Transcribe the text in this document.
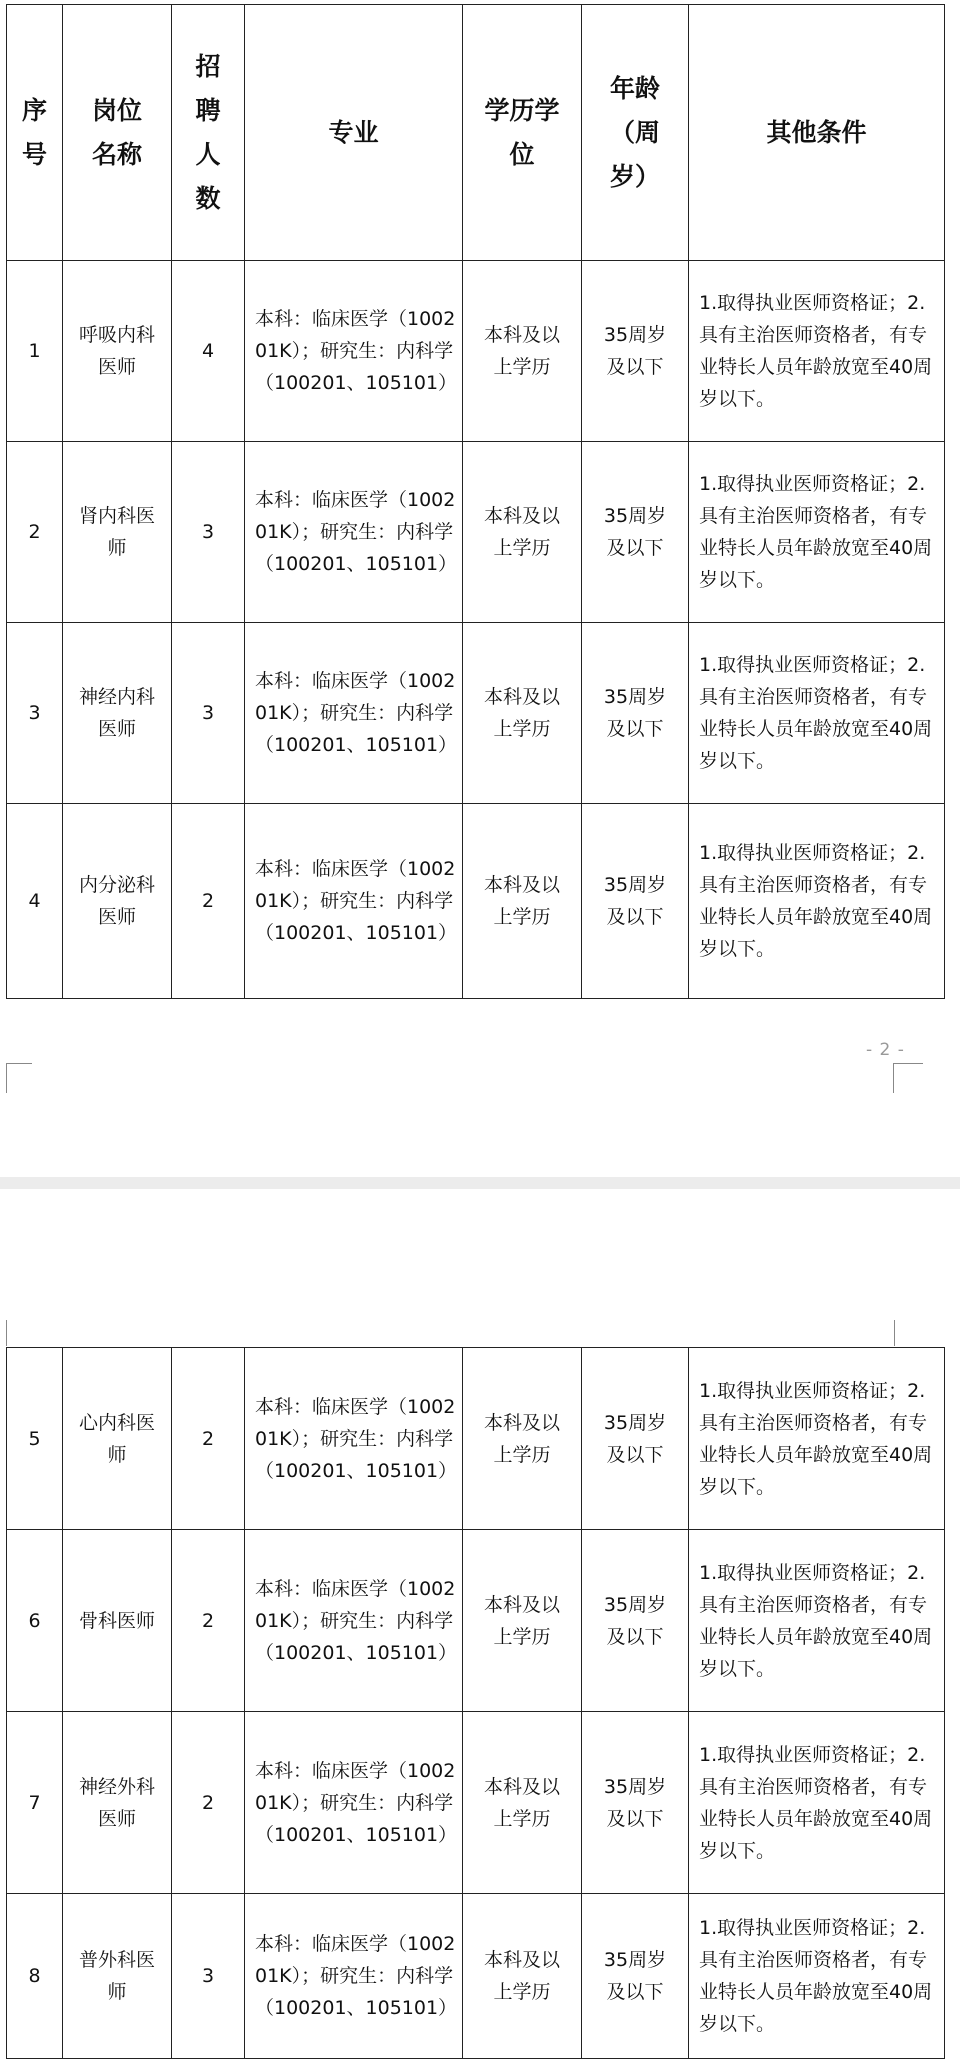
序号	岗位名称	招聘人数	专业	学历学位	年龄（周岁）	其他条件
1	呼吸内科医师	4	本科：临床医学（100201K）；研究生：内科学（100201、105101）	本科及以上学历	35周岁及以下	1.取得执业医师资格证；2.具有主治医师资格者，有专业特长人员年龄放宽至40周岁以下。
2	肾内科医师	3	本科：临床医学（100201K）；研究生：内科学（100201、105101）	本科及以上学历	35周岁及以下	1.取得执业医师资格证；2.具有主治医师资格者，有专业特长人员年龄放宽至40周岁以下。
3	神经内科医师	3	本科：临床医学（100201K）；研究生：内科学（100201、105101）	本科及以上学历	35周岁及以下	1.取得执业医师资格证；2.具有主治医师资格者，有专业特长人员年龄放宽至40周岁以下。
4	内分泌科医师	2	本科：临床医学（100201K）；研究生：内科学（100201、105101）	本科及以上学历	35周岁及以下	1.取得执业医师资格证；2.具有主治医师资格者，有专业特长人员年龄放宽至40周岁以下。
- 2 -
5	心内科医师	2	本科：临床医学（100201K）；研究生：内科学（100201、105101）	本科及以上学历	35周岁及以下	1.取得执业医师资格证；2.具有主治医师资格者，有专业特长人员年龄放宽至40周岁以下。
6	骨科医师	2	本科：临床医学（100201K）；研究生：内科学（100201、105101）	本科及以上学历	35周岁及以下	1.取得执业医师资格证；2.具有主治医师资格者，有专业特长人员年龄放宽至40周岁以下。
7	神经外科医师	2	本科：临床医学（100201K）；研究生：内科学（100201、105101）	本科及以上学历	35周岁及以下	1.取得执业医师资格证；2.具有主治医师资格者，有专业特长人员年龄放宽至40周岁以下。
8	普外科医师	3	本科：临床医学（100201K）；研究生：内科学（100201、105101）	本科及以上学历	35周岁及以下	1.取得执业医师资格证；2.具有主治医师资格者，有专业特长人员年龄放宽至40周岁以下。
